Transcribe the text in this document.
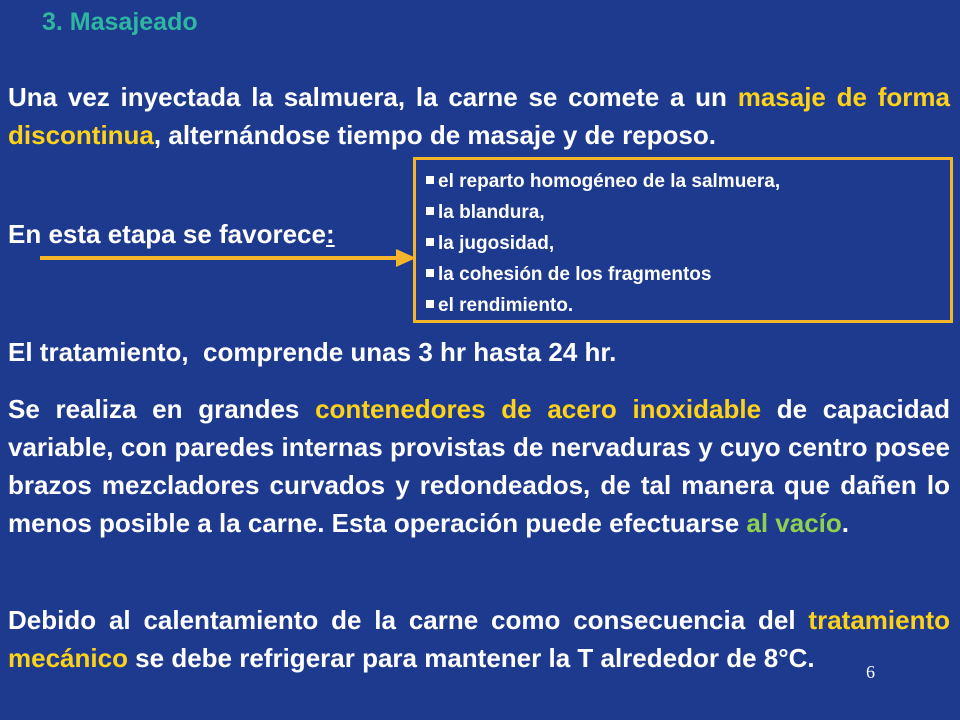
3. Masajeado

Una vez inyectada la salmuera, la carne se comete a un masaje de forma discontinua, alternándose tiempo de masaje y de reposo.

En esta etapa se favorece:

el reparto homogéneo de la salmuera,
la blandura,
la jugosidad,
la cohesión de los fragmentos
el rendimiento.

El tratamiento,  comprende unas 3 hr hasta 24 hr.

Se realiza en grandes contenedores de acero inoxidable de capacidad variable, con paredes internas provistas de nervaduras y cuyo centro posee brazos mezcladores curvados y redondeados, de tal manera que dañen lo menos posible a la carne. Esta operación puede efectuarse al vacío.

Debido al calentamiento de la carne como consecuencia del tratamiento mecánico se debe refrigerar para mantener la T alrededor de 8°C.	6
